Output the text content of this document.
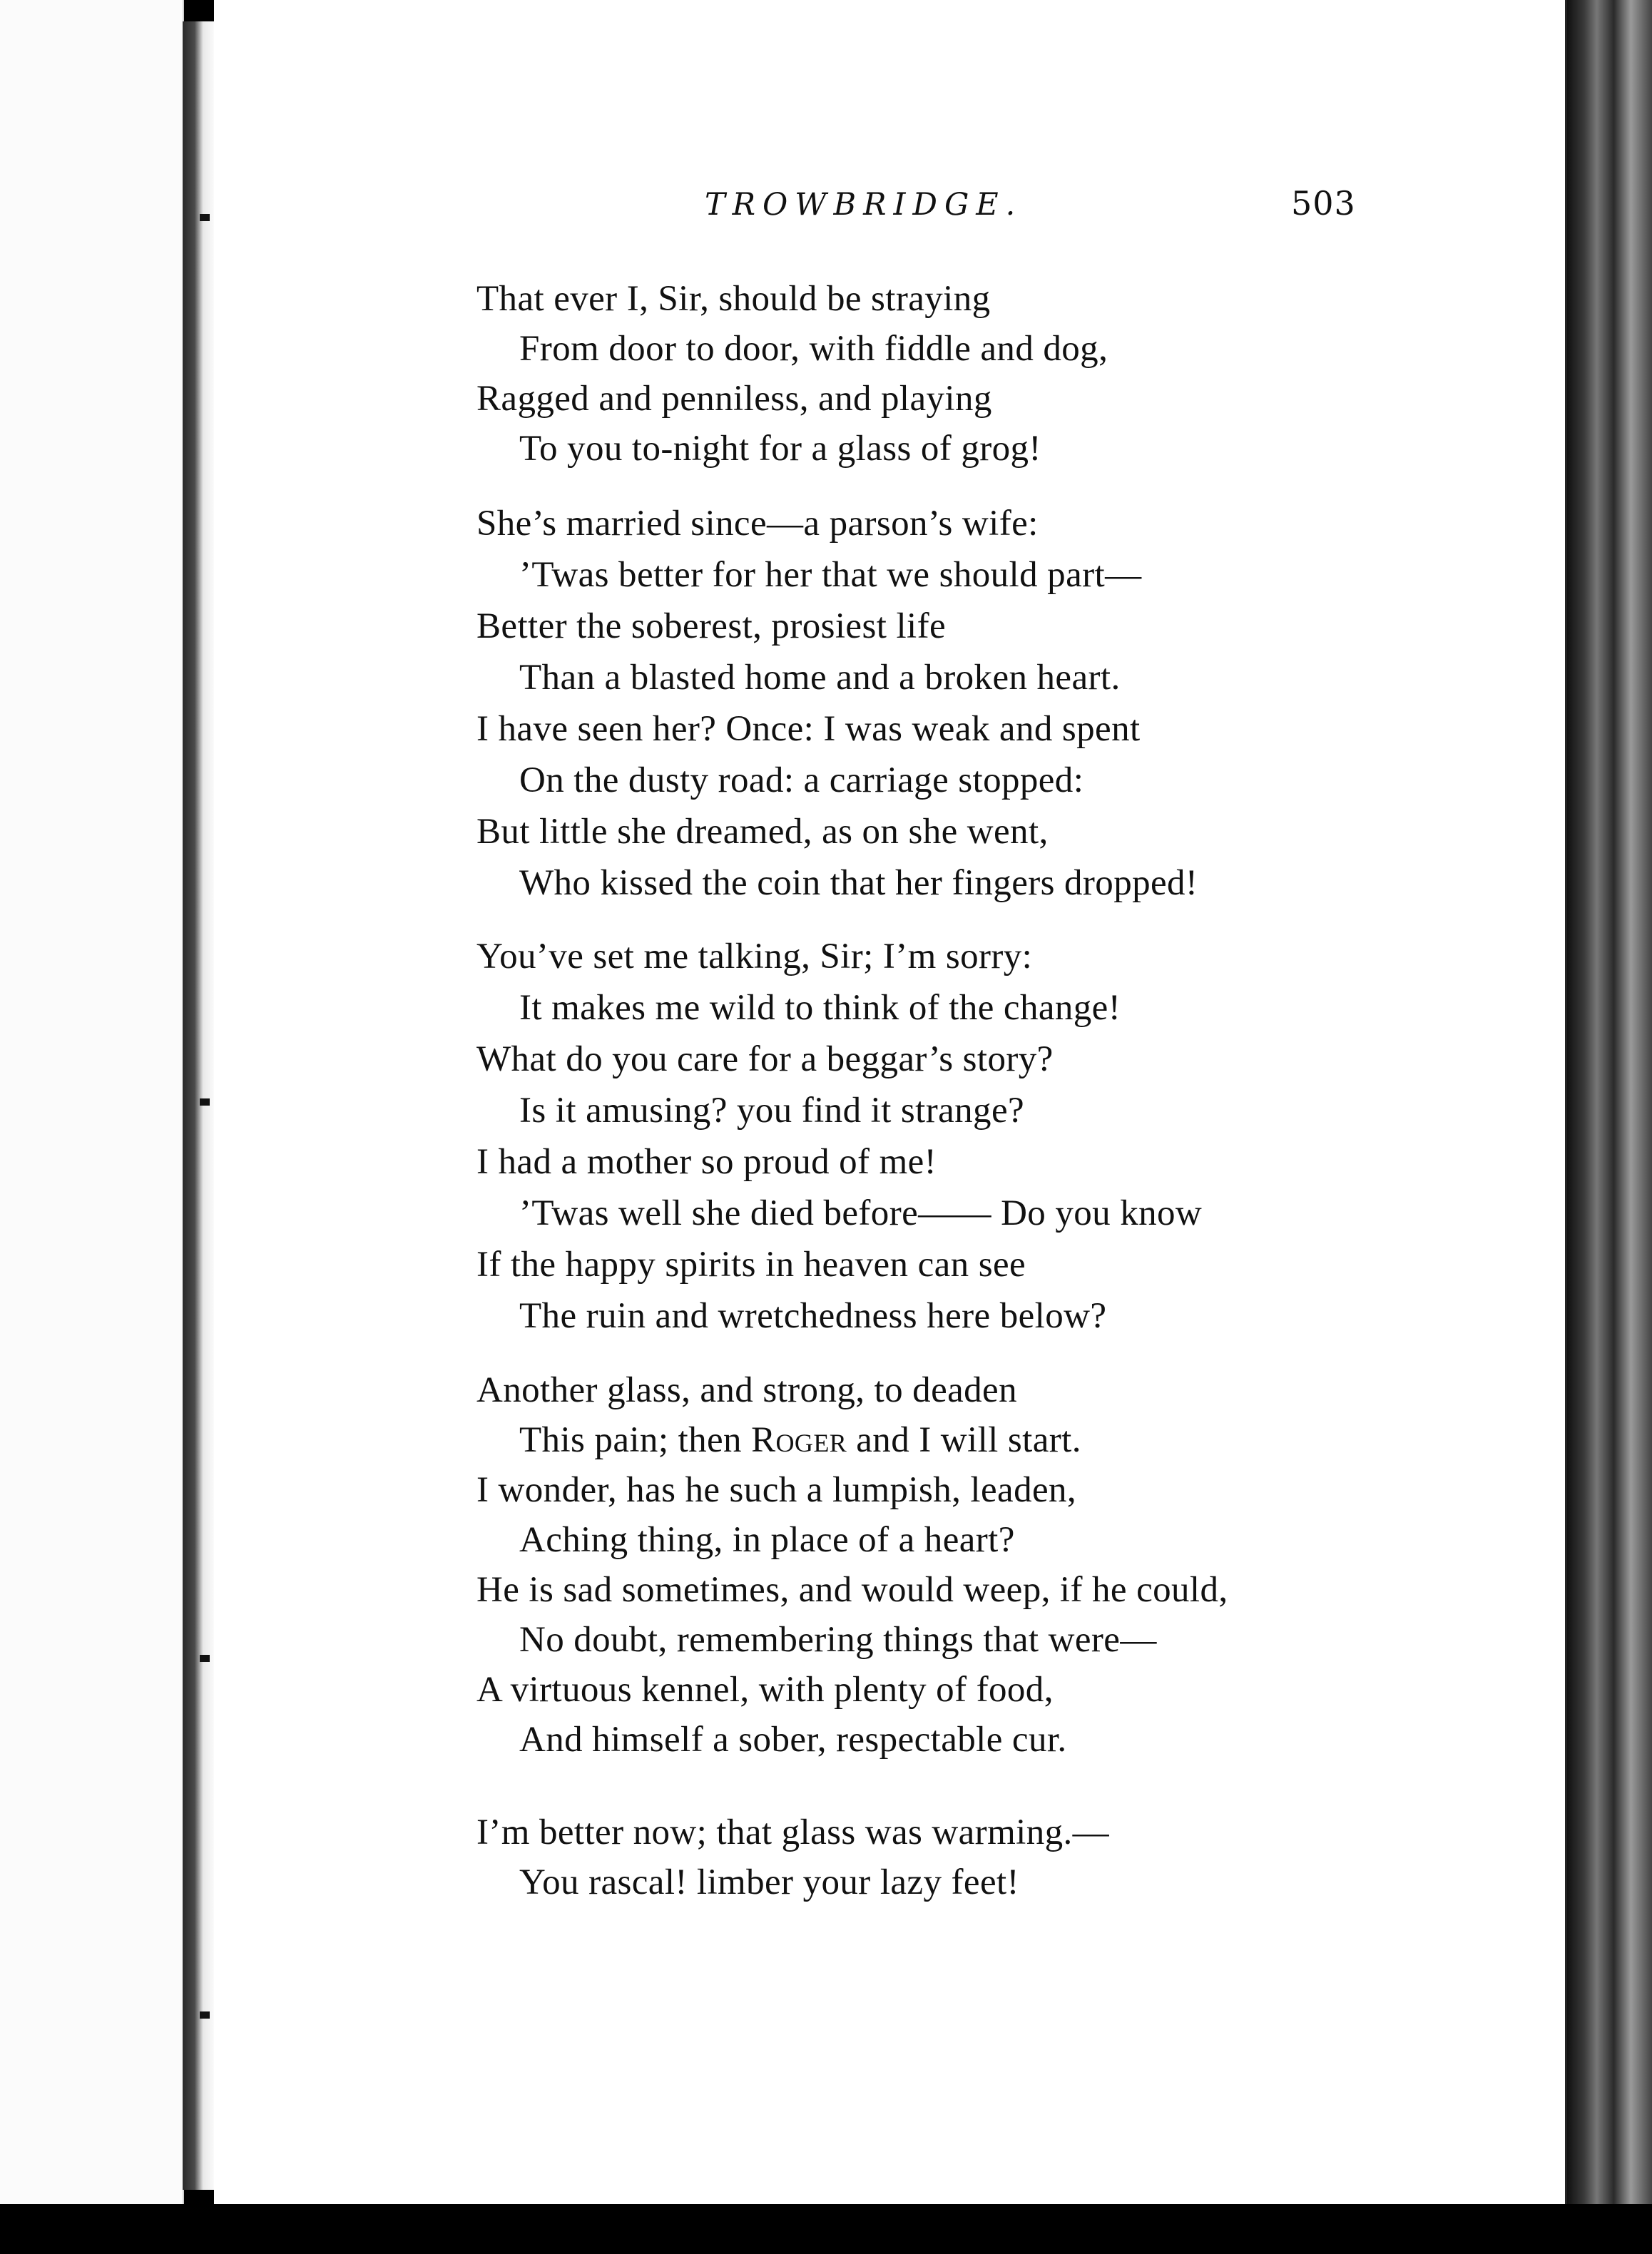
TROWBRIDGE.	503
That ever I, Sir, should be straying
From door to door, with fiddle and dog,
Ragged and penniless, and playing
To you to-night for a glass of grog!
She’s married since—a parson’s wife:
’Twas better for her that we should part—
Better the soberest, prosiest life
Than a blasted home and a broken heart.
I have seen her? Once: I was weak and spent
On the dusty road: a carriage stopped:
But little she dreamed, as on she went,
Who kissed the coin that her fingers dropped!
You’ve set me talking, Sir; I’m sorry:
It makes me wild to think of the change!
What do you care for a beggar’s story?
Is it amusing? you find it strange?
I had a mother so proud of me!
’Twas well she died before—— Do you know
If the happy spirits in heaven can see
The ruin and wretchedness here below?
Another glass, and strong, to deaden
This pain; then Roger and I will start.
I wonder, has he such a lumpish, leaden,
Aching thing, in place of a heart?
He is sad sometimes, and would weep, if he could,
No doubt, remembering things that were—
A virtuous kennel, with plenty of food,
And himself a sober, respectable cur.
I’m better now; that glass was warming.—
You rascal! limber your lazy feet!
